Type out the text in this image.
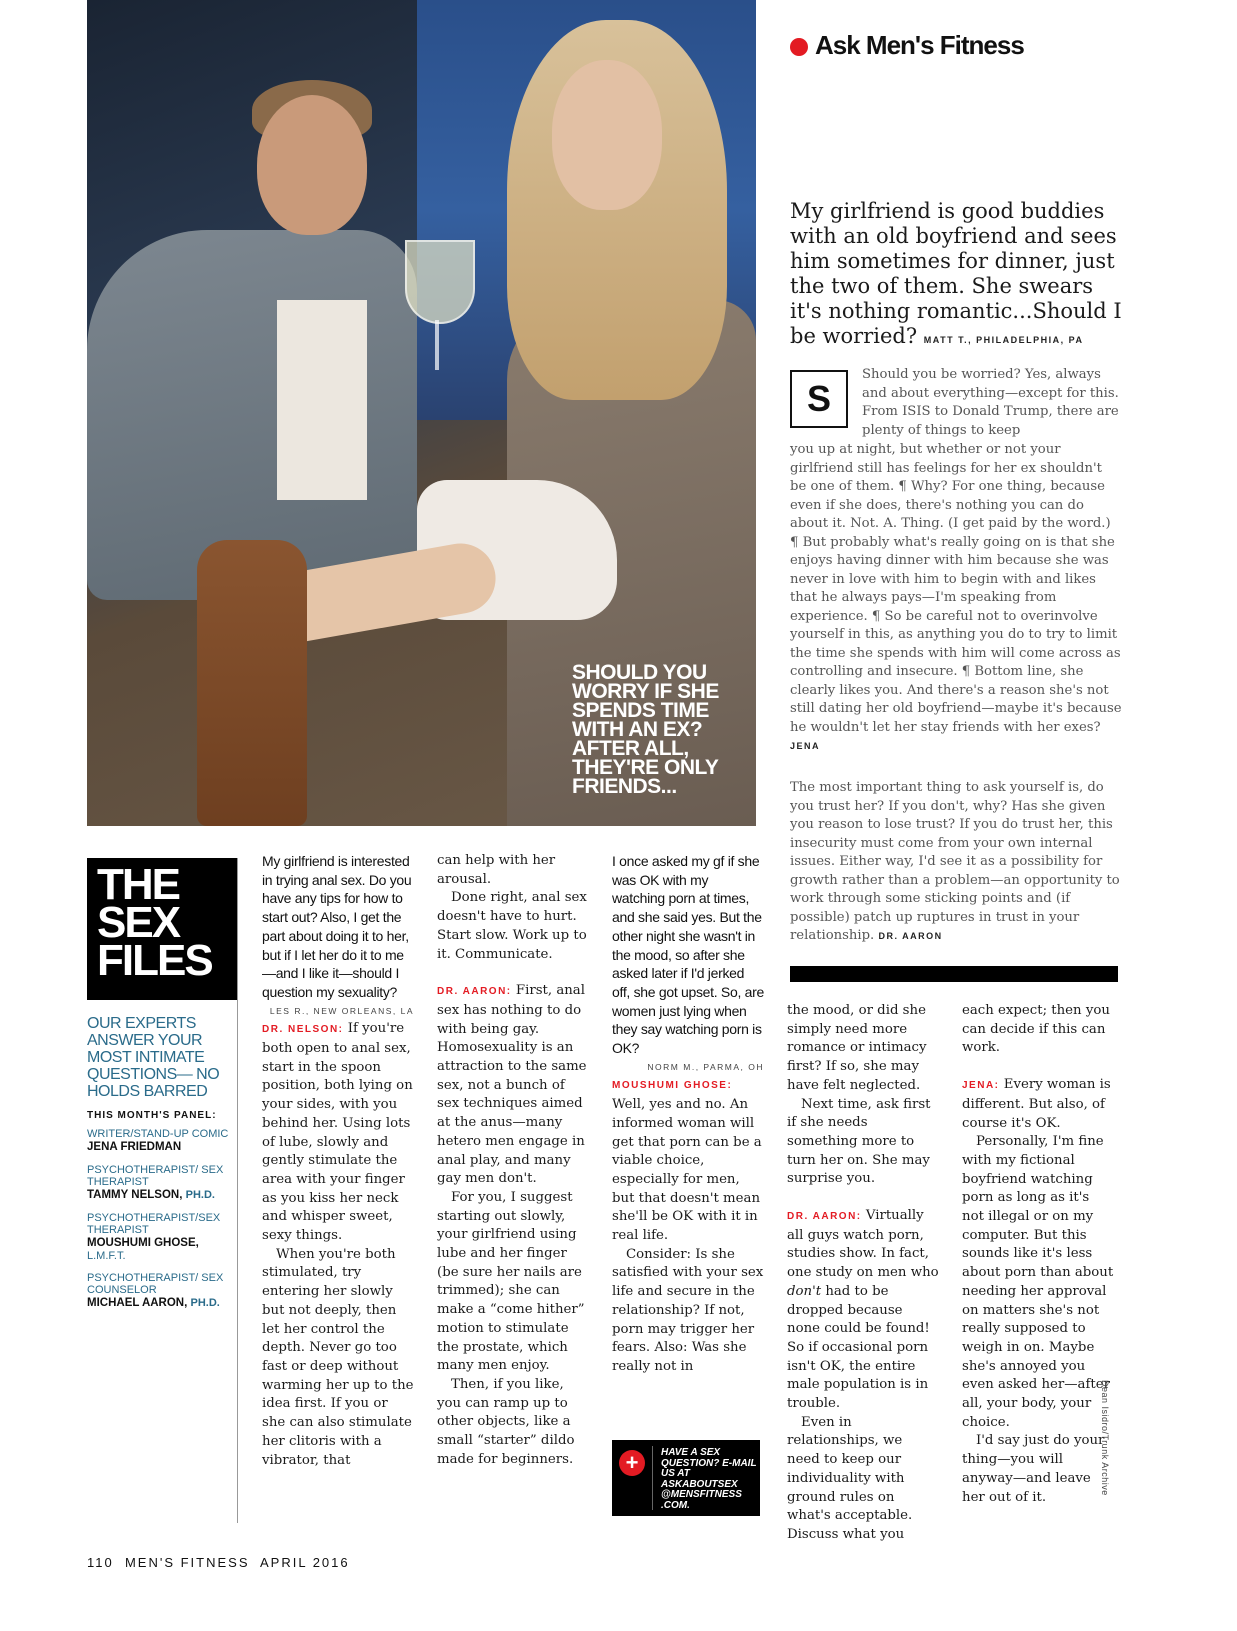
SHOULD YOU WORRY IF SHE SPENDS TIME WITH AN EX? AFTER ALL, THEY'RE ONLY FRIENDS...
Ask Men's Fitness
My girlfriend is good buddies with an old boyfriend and sees him sometimes for dinner, just the two of them. She swears it's nothing romantic...Should I be worried? MATT T., PHILADELPHIA, PA
S
Should you be worried? Yes, always and about everything—except for this. From ISIS to Donald Trump, there are plenty of things to keep
you up at night, but whether or not your girlfriend still has feelings for her ex shouldn't be one of them. ¶ Why? For one thing, because even if she does, there's nothing you can do about it. Not. A. Thing. (I get paid by the word.) ¶ But probably what's really going on is that she enjoys having dinner with him because she was never in love with him to begin with and likes that he always pays—I'm speaking from experience. ¶ So be careful not to overinvolve yourself in this, as anything you do to try to limit the time she spends with him will come across as controlling and insecure. ¶ Bottom line, she clearly likes you. And there's a reason she's not still dating her old boyfriend—maybe it's because he wouldn't let her stay friends with her exes? JENA
The most important thing to ask yourself is, do you trust her? If you don't, why? Has she given you reason to lose trust? If you do trust her, this insecurity must come from your own internal issues. Either way, I'd see it as a possibility for growth rather than a problem—an opportunity to work through some sticking points and (if possible) patch up ruptures in trust in your relationship. DR. AARON
THE SEX FILES
OUR EXPERTS ANSWER YOUR MOST INTIMATE QUESTIONS— NO HOLDS BARRED
THIS MONTH'S PANEL:
WRITER/STAND-UP COMIC
JENA FRIEDMAN
PSYCHOTHERAPIST/ SEX THERAPIST
TAMMY NELSON, PH.D.
PSYCHOTHERAPIST/SEX THERAPIST
MOUSHUMI GHOSE,
L.M.F.T.
PSYCHOTHERAPIST/ SEX COUNSELOR
MICHAEL AARON, PH.D.

My girlfriend is interested in trying anal sex. Do you have any tips for how to start out? Also, I get the part about doing it to her, but if I let her do it to me—and I like it—should I question my sexuality?

LES R., NEW ORLEANS, LA

DR. NELSON: If you're both open to anal sex, start in the spoon position, both lying on your sides, with you behind her. Using lots of lube, slowly and gently stimulate the area with your finger as you kiss her neck and whisper sweet, sexy things.

When you're both stimulated, try entering her slowly but not deeply, then let her control the depth. Never go too fast or deep without warming her up to the idea first. If you or she can also stimulate her clitoris with a vibrator, that

can help with her arousal.

Done right, anal sex doesn't have to hurt. Start slow. Work up to it. Communicate.

DR. AARON: First, anal sex has nothing to do with being gay. Homosexuality is an attraction to the same sex, not a bunch of sex techniques aimed at the anus—many hetero men engage in anal play, and many gay men don't.

For you, I suggest starting out slowly, your girlfriend using lube and her finger (be sure her nails are trimmed); she can make a “come hither” motion to stimulate the prostate, which many men enjoy.

Then, if you like, you can ramp up to other objects, like a small “starter” dildo made for beginners.

I once asked my gf if she was OK with my watching porn at times, and she said yes. But the other night she wasn't in the mood, so after she asked later if I'd jerked off, she got upset. So, are women just lying when they say watching porn is OK?

NORM M., PARMA, OH

MOUSHUMI GHOSE:

Well, yes and no. An informed woman will get that porn can be a viable choice, especially for men, but that doesn't mean she'll be OK with it in real life.

Consider: Is she satisfied with your sex life and secure in the relationship? If not, porn may trigger her fears. Also: Was she really not in

+	HAVE A SEX QUESTION? E-MAIL US AT ASKABOUTSEX @MENSFITNESS .COM.

the mood, or did she simply need more romance or intimacy first? If so, she may have felt neglected.

Next time, ask first if she needs something more to turn her on. She may surprise you.

DR. AARON: Virtually all guys watch porn, studies show. In fact, one study on men who don't had to be dropped because none could be found! So if occasional porn isn't OK, the entire male population is in trouble.

Even in relationships, we need to keep our individuality with ground rules on what's acceptable. Discuss what you

each expect; then you can decide if this can work.

JENA: Every woman is different. But also, of course it's OK.

Personally, I'm fine with my fictional boyfriend watching porn as long as it's not illegal or on my computer. But this sounds like it's less about porn than about needing her approval on matters she's not really supposed to weigh in on. Maybe she's annoyed you even asked her—after all, your body, your choice.

I'd say just do your thing—you will anyway—and leave her out of it.

Dean Isidro/Trunk Archive
110  MEN'S FITNESS  APRIL 2016
